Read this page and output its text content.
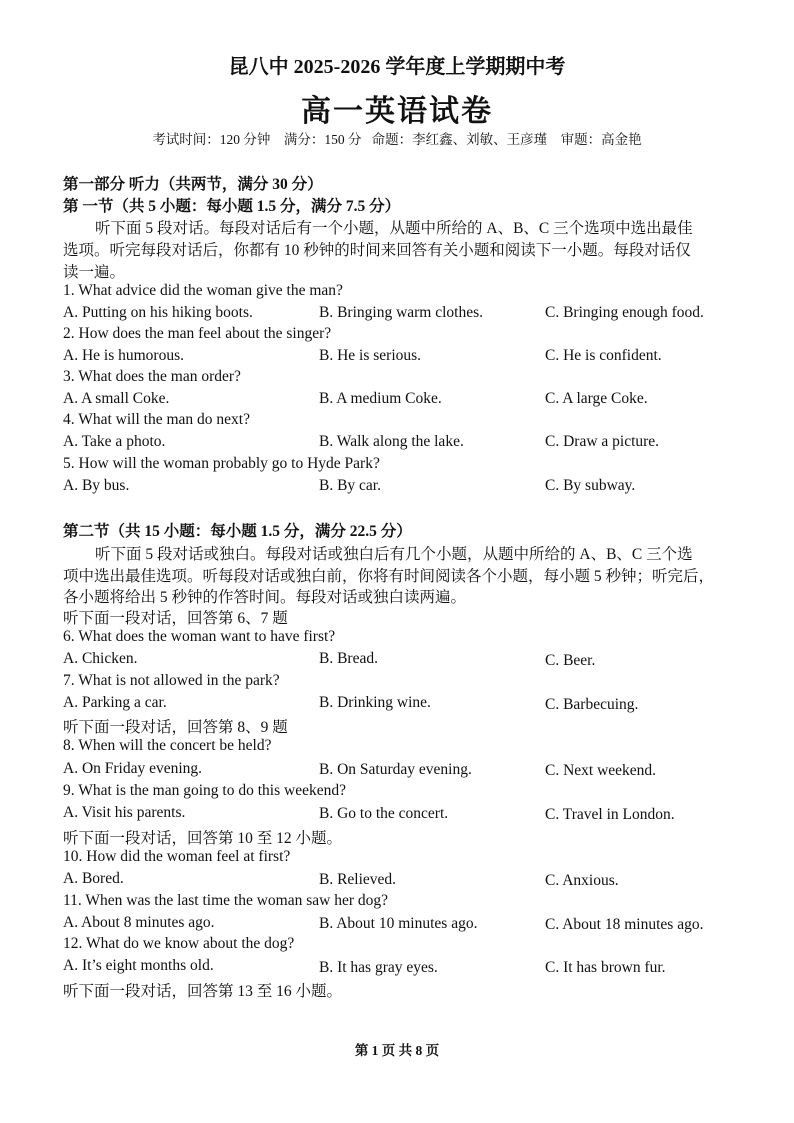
昆八中 2025-2026 学年度上学期期中考
高一英语试卷
考试时间：120 分钟    满分：150 分   命题：李红鑫、刘敏、王彦瑾    审题：高金艳
第一部分 听力（共两节，满分 30 分）
第 一节（共 5 小题：每小题 1.5 分，满分 7.5 分）
听下面 5 段对话。每段对话后有一个小题，从题中所给的 A、B、C 三个选项中选出最佳
选项。听完每段对话后，你都有 10 秒钟的时间来回答有关小题和阅读下一小题。每段对话仅
读一遍。
1. What advice did the woman give the man?
A. Putting on his hiking boots.	B. Bringing warm clothes.	C. Bringing enough food.
2. How does the man feel about the singer?
A. He is humorous.	B. He is serious.	C. He is confident.
3. What does the man order?
A. A small Coke.	B. A medium Coke.	C. A large Coke.
4. What will the man do next?
A. Take a photo.	B. Walk along the lake.	C. Draw a picture.
5. How will the woman probably go to Hyde Park?
A. By bus.	B. By car.	C. By subway.
第二节（共 15 小题：每小题 1.5 分，满分 22.5 分）
听下面 5 段对话或独白。每段对话或独白后有几个小题，从题中所给的 A、B、C 三个选
项中选出最佳选项。听每段对话或独白前，你将有时间阅读各个小题，每小题 5 秒钟；听完后，
各小题将给出 5 秒钟的作答时间。每段对话或独白读两遍。
听下面一段对话，回答第 6、7 题
6. What does the woman want to have first?
A. Chicken.	B. Bread.	C. Beer.
7. What is not allowed in the park?
A. Parking a car.	B. Drinking wine.	C. Barbecuing.
听下面一段对话，回答第 8、9 题
8. When will the concert be held?
A. On Friday evening.	B. On Saturday evening.	C. Next weekend.
9. What is the man going to do this weekend?
A. Visit his parents.	B. Go to the concert.	C. Travel in London.
听下面一段对话，回答第 10 至 12 小题。
10. How did the woman feel at first?
A. Bored.	B. Relieved.	C. Anxious.
11. When was the last time the woman saw her dog?
A. About 8 minutes ago.	B. About 10 minutes ago.	C. About 18 minutes ago.
12. What do we know about the dog?
A. It’s eight months old.	B. It has gray eyes.	C. It has brown fur.
听下面一段对话，回答第 13 至 16 小题。
第 1 页 共 8 页
